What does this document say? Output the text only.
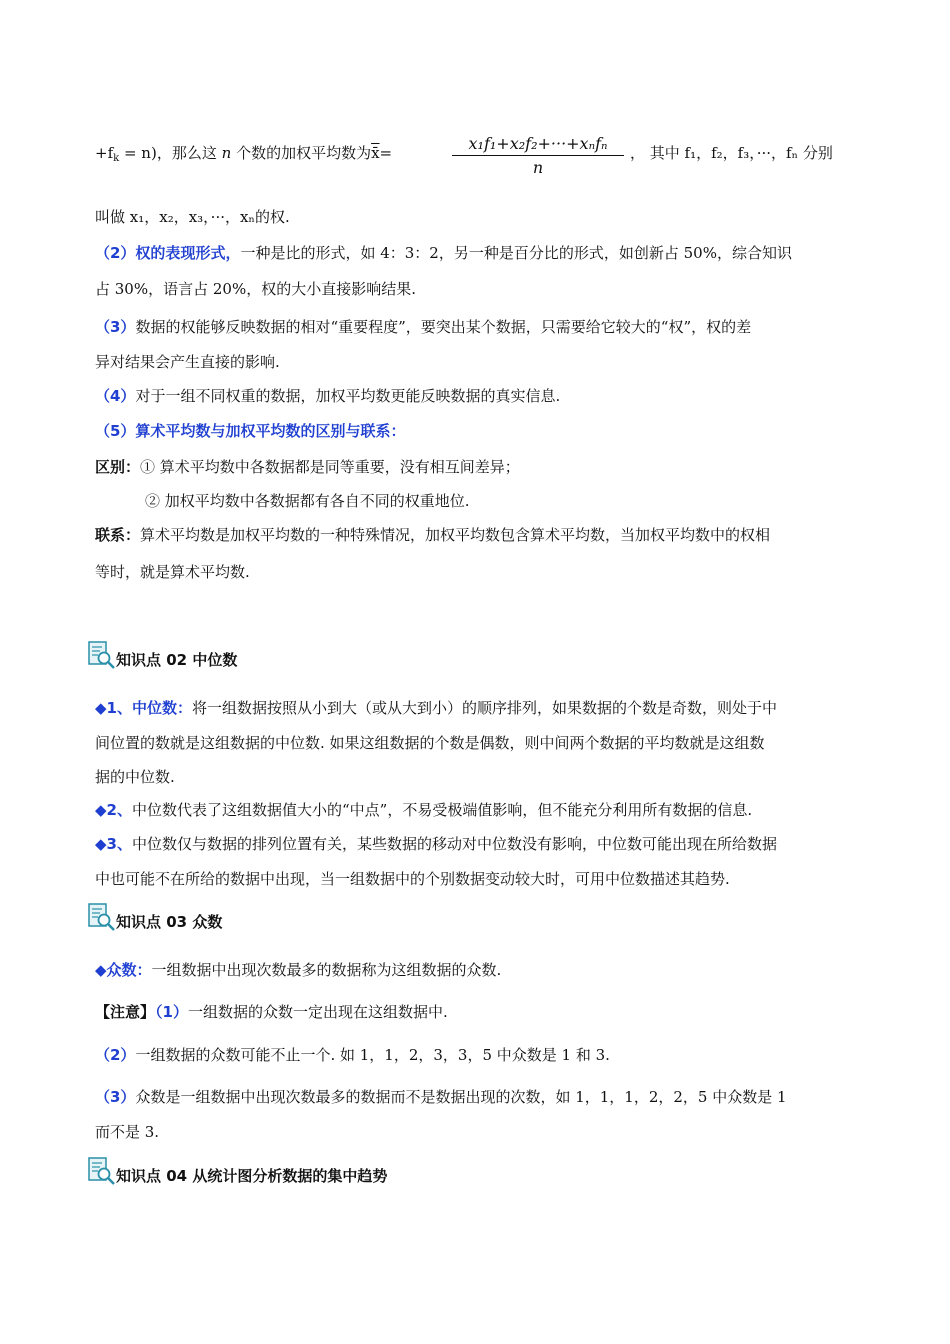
$+f_k = n$)，那么这 n 个数的加权平均数为x̄=	x₁f₁+x₂f₂+···+xₙfₙ
n
， 其中 f₁，f₂，f₃，···，fₙ 分别
叫做 x₁，x₂，x₃，···，xₙ的权.
（2）权的表现形式，一种是比的形式，如 4：3：2，另一种是百分比的形式，如创新占 50%，综合知识
占 30%，语言占 20%，权的大小直接影响结果.
（3）数据的权能够反映数据的相对“重要程度”，要突出某个数据，只需要给它较大的“权”，权的差
异对结果会产生直接的影响.
（4）对于一组不同权重的数据，加权平均数更能反映数据的真实信息.
（5）算术平均数与加权平均数的区别与联系：
区别：① 算术平均数中各数据都是同等重要，没有相互间差异；
② 加权平均数中各数据都有各自不同的权重地位.
联系：算术平均数是加权平均数的一种特殊情况，加权平均数包含算术平均数，当加权平均数中的权相
等时，就是算术平均数.
知识点 02 中位数
◆1、中位数：将一组数据按照从小到大（或从大到小）的顺序排列，如果数据的个数是奇数，则处于中
间位置的数就是这组数据的中位数. 如果这组数据的个数是偶数，则中间两个数据的平均数就是这组数
据的中位数.
◆2、中位数代表了这组数据值大小的“中点”，不易受极端值影响，但不能充分利用所有数据的信息.
◆3、中位数仅与数据的排列位置有关，某些数据的移动对中位数没有影响，中位数可能出现在所给数据
中也可能不在所给的数据中出现，当一组数据中的个别数据变动较大时，可用中位数描述其趋势.
知识点 03 众数
◆众数：一组数据中出现次数最多的数据称为这组数据的众数.
【注意】（1）一组数据的众数一定出现在这组数据中.
（2）一组数据的众数可能不止一个. 如 1，1，2，3，3，5 中众数是 1 和 3.
（3）众数是一组数据中出现次数最多的数据而不是数据出现的次数，如 1，1，1，2，2，5 中众数是 1
而不是 3.
知识点 04 从统计图分析数据的集中趋势
